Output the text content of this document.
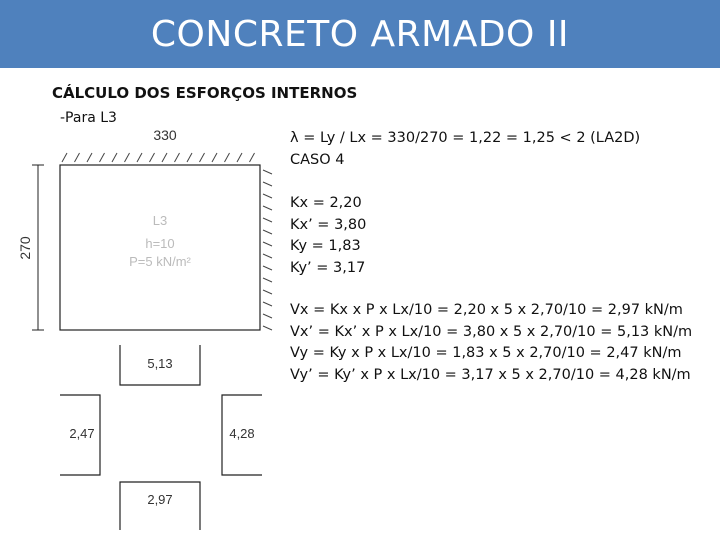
CONCRETO ARMADO II
CÁLCULO DOS ESFORÇOS INTERNOS
-Para L3
330
270
L3
h=10
P=5 kN/m²
5,13
2,47	4,28
2,97
λ = Ly / Lx = 330/270 = 1,22 = 1,25 < 2 (LA2D)
CASO 4
Kx = 2,20
Kx’ = 3,80
Ky = 1,83
Ky’ = 3,17
Vx = Kx x P x Lx/10 = 2,20 x 5 x 2,70/10 = 2,97 kN/m
Vx’ = Kx’ x P x Lx/10 = 3,80 x 5 x 2,70/10 = 5,13 kN/m
Vy = Ky x P x Lx/10 = 1,83 x 5 x 2,70/10 = 2,47 kN/m
Vy’ = Ky’ x P x Lx/10 = 3,17 x 5 x 2,70/10 = 4,28 kN/m
